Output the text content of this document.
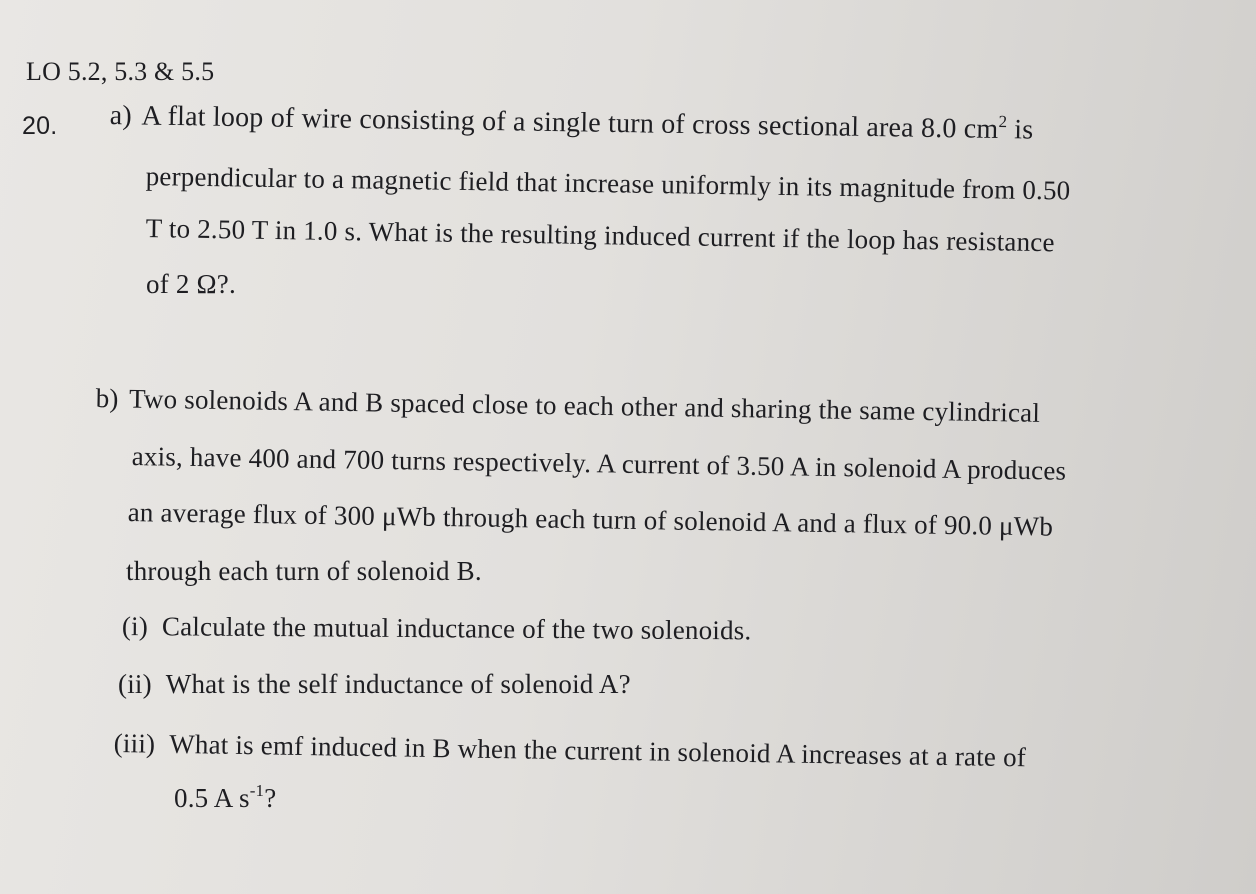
LO 5.2, 5.3 & 5.5
20. a) A flat loop of wire consisting of a single turn of cross sectional area 8.0 $cm^2$ is
perpendicular to a magnetic field that increase uniformly in its magnitude from 0.50
T to 2.50 T in 1.0 s. What is the resulting induced current if the loop has resistance
of 2 Ω?.
b) Two solenoids A and B spaced close to each other and sharing the same cylindrical
axis, have 400 and 700 turns respectively. A current of 3.50 A in solenoid A produces
an average flux of 300 μWb through each turn of solenoid A and a flux of 90.0 μWb
through each turn of solenoid B.
(i) Calculate the mutual inductance of the two solenoids.
(ii) What is the self inductance of solenoid A?
(iii) What is emf induced in B when the current in solenoid A increases at a rate of
0.5 A $s^{-1}$?
